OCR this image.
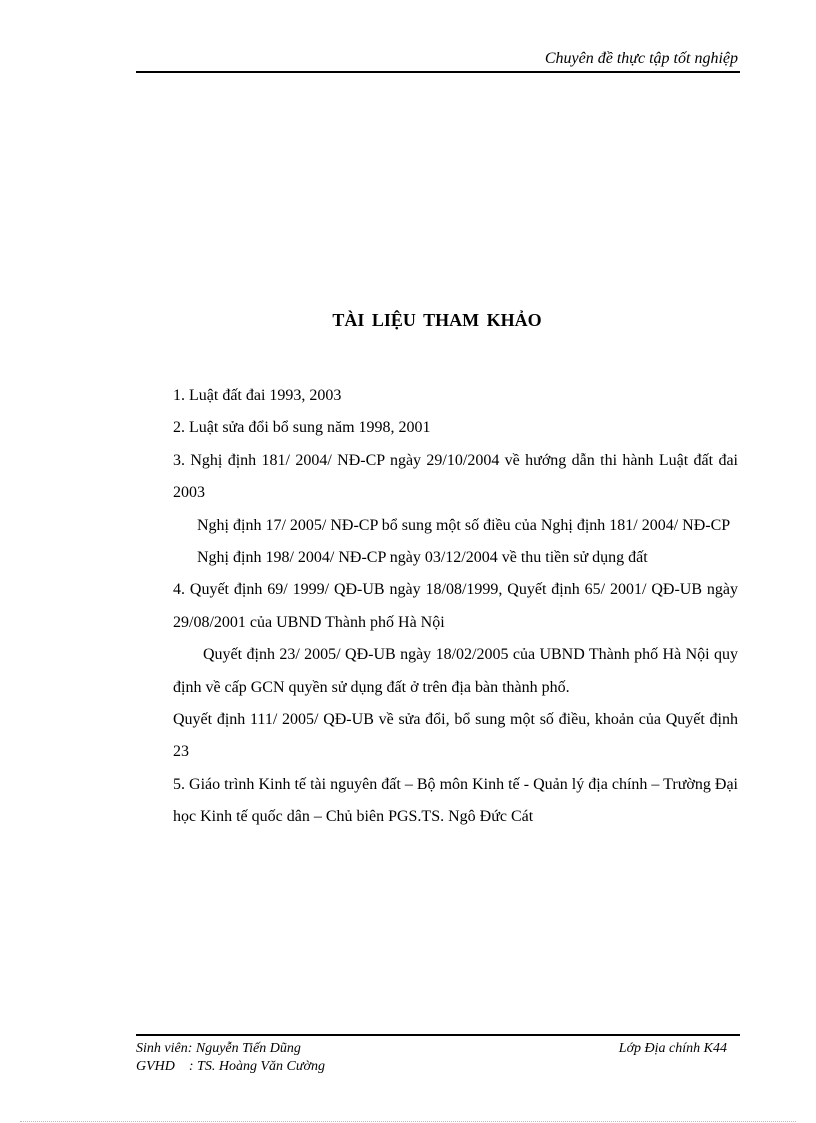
Chuyên đề thực tập tốt nghiệp
TÀI LIỆU THAM KHẢO

1. Luật đất đai 1993, 2003

2. Luật sửa đổi bổ sung năm 1998, 2001

3. Nghị định 181/ 2004/ NĐ-CP ngày 29/10/2004 về hướng dẫn thi hành Luật đất đai 2003

Nghị định 17/ 2005/ NĐ-CP bổ sung một số điều của Nghị định 181/ 2004/ NĐ-CP

Nghị định 198/ 2004/ NĐ-CP ngày 03/12/2004 về thu tiền sử dụng đất

4. Quyết định 69/ 1999/ QĐ-UB ngày 18/08/1999, Quyết định 65/ 2001/ QĐ-UB ngày 29/08/2001 của UBND Thành phố Hà Nội

Quyết định 23/ 2005/ QĐ-UB ngày 18/02/2005 của UBND Thành phố Hà Nội quy định về cấp GCN quyền sử dụng đất ở trên địa bàn thành phố.

Quyết định 111/ 2005/ QĐ-UB về sửa đổi, bổ sung một số điều, khoản của Quyết định 23

5. Giáo trình Kinh tế tài nguyên đất – Bộ môn Kinh tế - Quản lý địa chính – Trường Đại học Kinh tế quốc dân – Chủ biên PGS.TS. Ngô Đức Cát

Sinh viên: Nguyễn Tiến Dũng	Lớp Địa chính K44
GVHD    : TS. Hoàng Văn Cường
